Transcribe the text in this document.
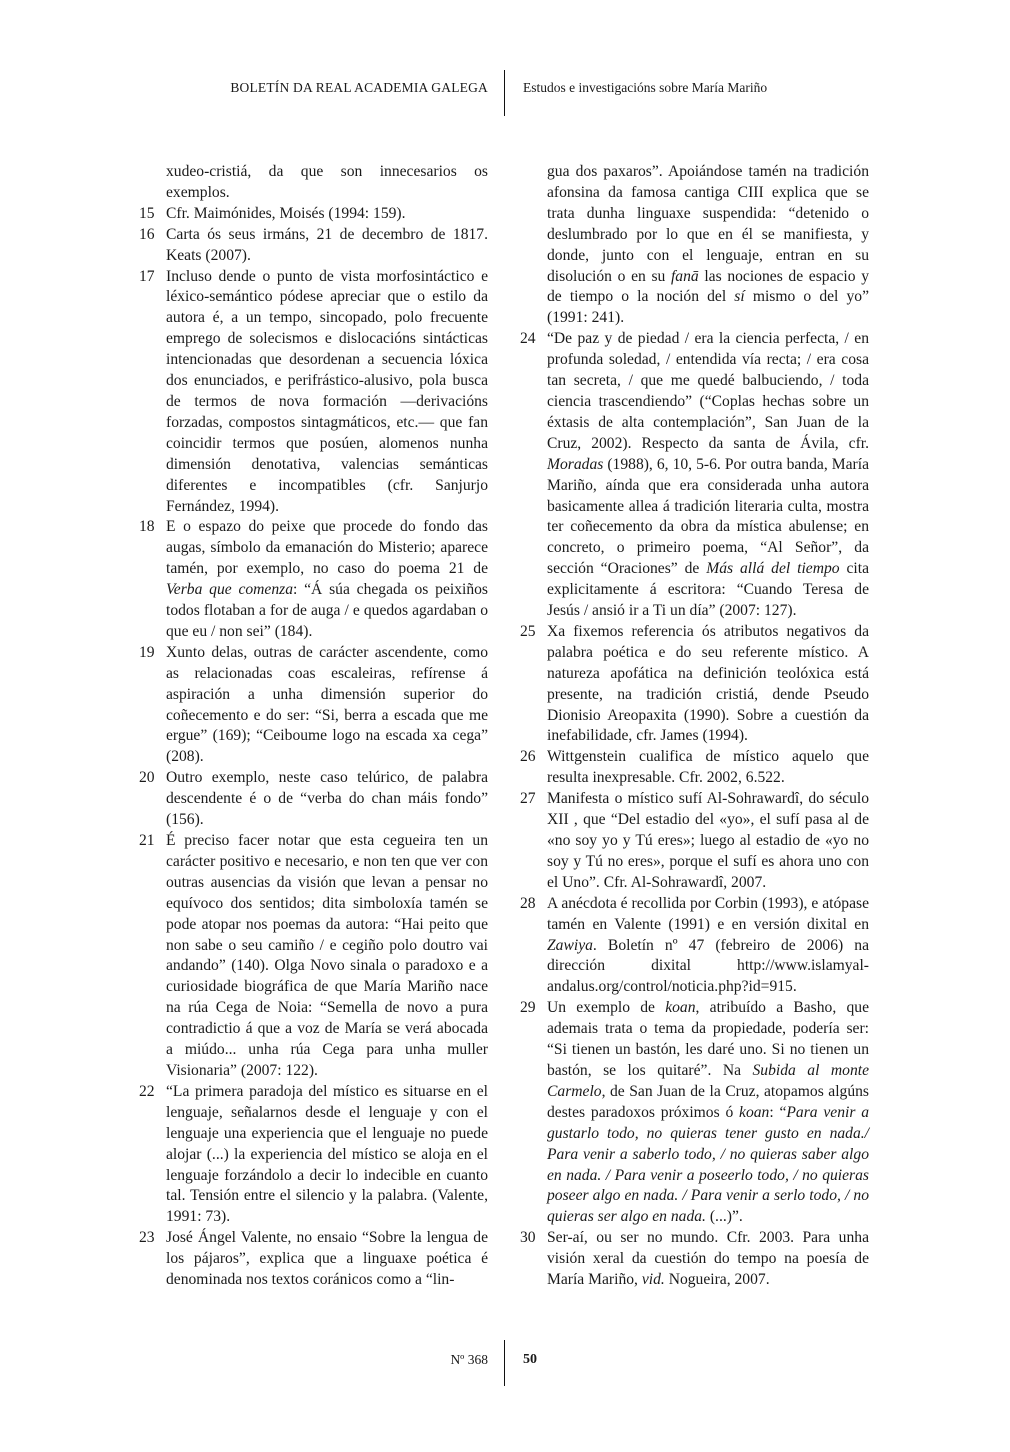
BOLETÍN DA REAL ACADEMIA GALEGA	Estudos e investigacións sobre María Mariño
xudeo-cristiá, da que son innecesarios os exemplos.
15 Cfr. Maimónides, Moisés (1994: 159).
16 Carta ós seus irmáns, 21 de decembro de 1817. Keats (2007).
17 Incluso dende o punto de vista morfosintáctico e léxico-semántico pódese apreciar que o estilo da autora é, a un tempo, sincopado, polo frecuente emprego de solecismos e dislocacións sintácticas intencionadas que desordenan a secuencia lóxica dos enunciados, e perifrástico-alusivo, pola busca de termos de nova formación —derivacións forzadas, compostos sintagmáticos, etc.— que fan coincidir termos que posúen, alomenos nunha dimensión denotativa, valencias semánticas diferentes e incompatibles (cfr. Sanjurjo Fernández, 1994).
18 E o espazo do peixe que procede do fondo das augas, símbolo da emanación do Misterio; aparece tamén, por exemplo, no caso do poema 21 de Verba que comenza: “Á súa chegada os peixiños todos flotaban a for de auga / e quedos agardaban o que eu / non sei” (184).
19 Xunto delas, outras de carácter ascendente, como as relacionadas coas escaleiras, refírense á aspiración a unha dimensión superior do coñecemento e do ser: “Si, berra a escada que me ergue” (169); “Ceiboume logo na escada xa cega” (208).
20 Outro exemplo, neste caso telúrico, de palabra descendente é o de “verba do chan máis fondo” (156).
21 É preciso facer notar que esta cegueira ten un carácter positivo e necesario, e non ten que ver con outras ausencias da visión que levan a pensar no equívoco dos sentidos; dita simboloxía tamén se pode atopar nos poemas da autora: “Hai peito que non sabe o seu camiño / e cegiño polo doutro vai andando” (140). Olga Novo sinala o paradoxo e a curiosidade biográfica de que María Mariño nace na rúa Cega de Noia: “Semella de novo a pura contradictio á que a voz de María se verá abocada a miúdo... unha rúa Cega para unha muller Visionaria” (2007: 122).
22 “La primera paradoja del místico es situarse en el lenguaje, señalarnos desde el lenguaje y con el lenguaje una experiencia que el lenguaje no puede alojar (...) la experiencia del místico se aloja en el lenguaje forzándolo a decir lo indecible en cuanto tal. Tensión entre el silencio y la palabra. (Valente, 1991: 73).
23 José Ángel Valente, no ensaio “Sobre la lengua de los pájaros”, explica que a linguaxe poética é denominada nos textos coránicos como a “lin-
gua dos paxaros”. Apoiándose tamén na tradición afonsina da famosa cantiga CIII explica que se trata dunha linguaxe suspendida: “detenido o deslumbrado por lo que en él se manifiesta, y donde, junto con el lenguaje, entran en su disolución o en su fanā las nociones de espacio y de tiempo o la noción del sí mismo o del yo” (1991: 241).
24 “De paz y de piedad / era la ciencia perfecta, / en profunda soledad, / entendida vía recta; / era cosa tan secreta, / que me quedé balbuciendo, / toda ciencia trascendiendo” (“Coplas hechas sobre un éxtasis de alta contemplación”, San Juan de la Cruz, 2002). Respecto da santa de Ávila, cfr. Moradas (1988), 6, 10, 5-6. Por outra banda, María Mariño, aínda que era considerada unha autora basicamente allea á tradición literaria culta, mostra ter coñecemento da obra da mística abulense; en concreto, o primeiro poema, “Al Señor”, da sección “Oraciones” de Más allá del tiempo cita explicitamente á escritora: “Cuando Teresa de Jesús / ansió ir a Ti un día” (2007: 127).
25 Xa fixemos referencia ós atributos negativos da palabra poética e do seu referente místico. A natureza apofática na definición teolóxica está presente, na tradición cristiá, dende Pseudo Dionisio Areopaxita (1990). Sobre a cuestión da inefabilidade, cfr. James (1994).
26 Wittgenstein cualifica de místico aquelo que resulta inexpresable. Cfr. 2002, 6.522.
27 Manifesta o místico sufí Al-Sohrawardî, do século XII , que “Del estadio del «yo», el sufí pasa al de «no soy yo y Tú eres»; luego al estadio de «yo no soy y Tú no eres», porque el sufí es ahora uno con el Uno”. Cfr. Al-Sohrawardî, 2007.
28 A anécdota é recollida por Corbin (1993), e atópase tamén en Valente (1991) e en versión dixital en Zawiya. Boletín nº 47 (febreiro de 2006) na dirección dixital http://www.islamyal-andalus.org/control/noticia.php?id=915.
29 Un exemplo de koan, atribuído a Basho, que ademais trata o tema da propiedade, podería ser: “Si tienen un bastón, les daré uno. Si no tienen un bastón, se los quitaré”. Na Subida al monte Carmelo, de San Juan de la Cruz, atopamos algúns destes paradoxos próximos ó koan: “Para venir a gustarlo todo, no quieras tener gusto en nada./ Para venir a saberlo todo, / no quieras saber algo en nada. / Para venir a poseerlo todo, / no quieras poseer algo en nada. / Para venir a serlo todo, / no quieras ser algo en nada. (...)”.
30 Ser-aí, ou ser no mundo. Cfr. 2003. Para unha visión xeral da cuestión do tempo na poesía de María Mariño, vid. Nogueira, 2007.
Nº 368	50
